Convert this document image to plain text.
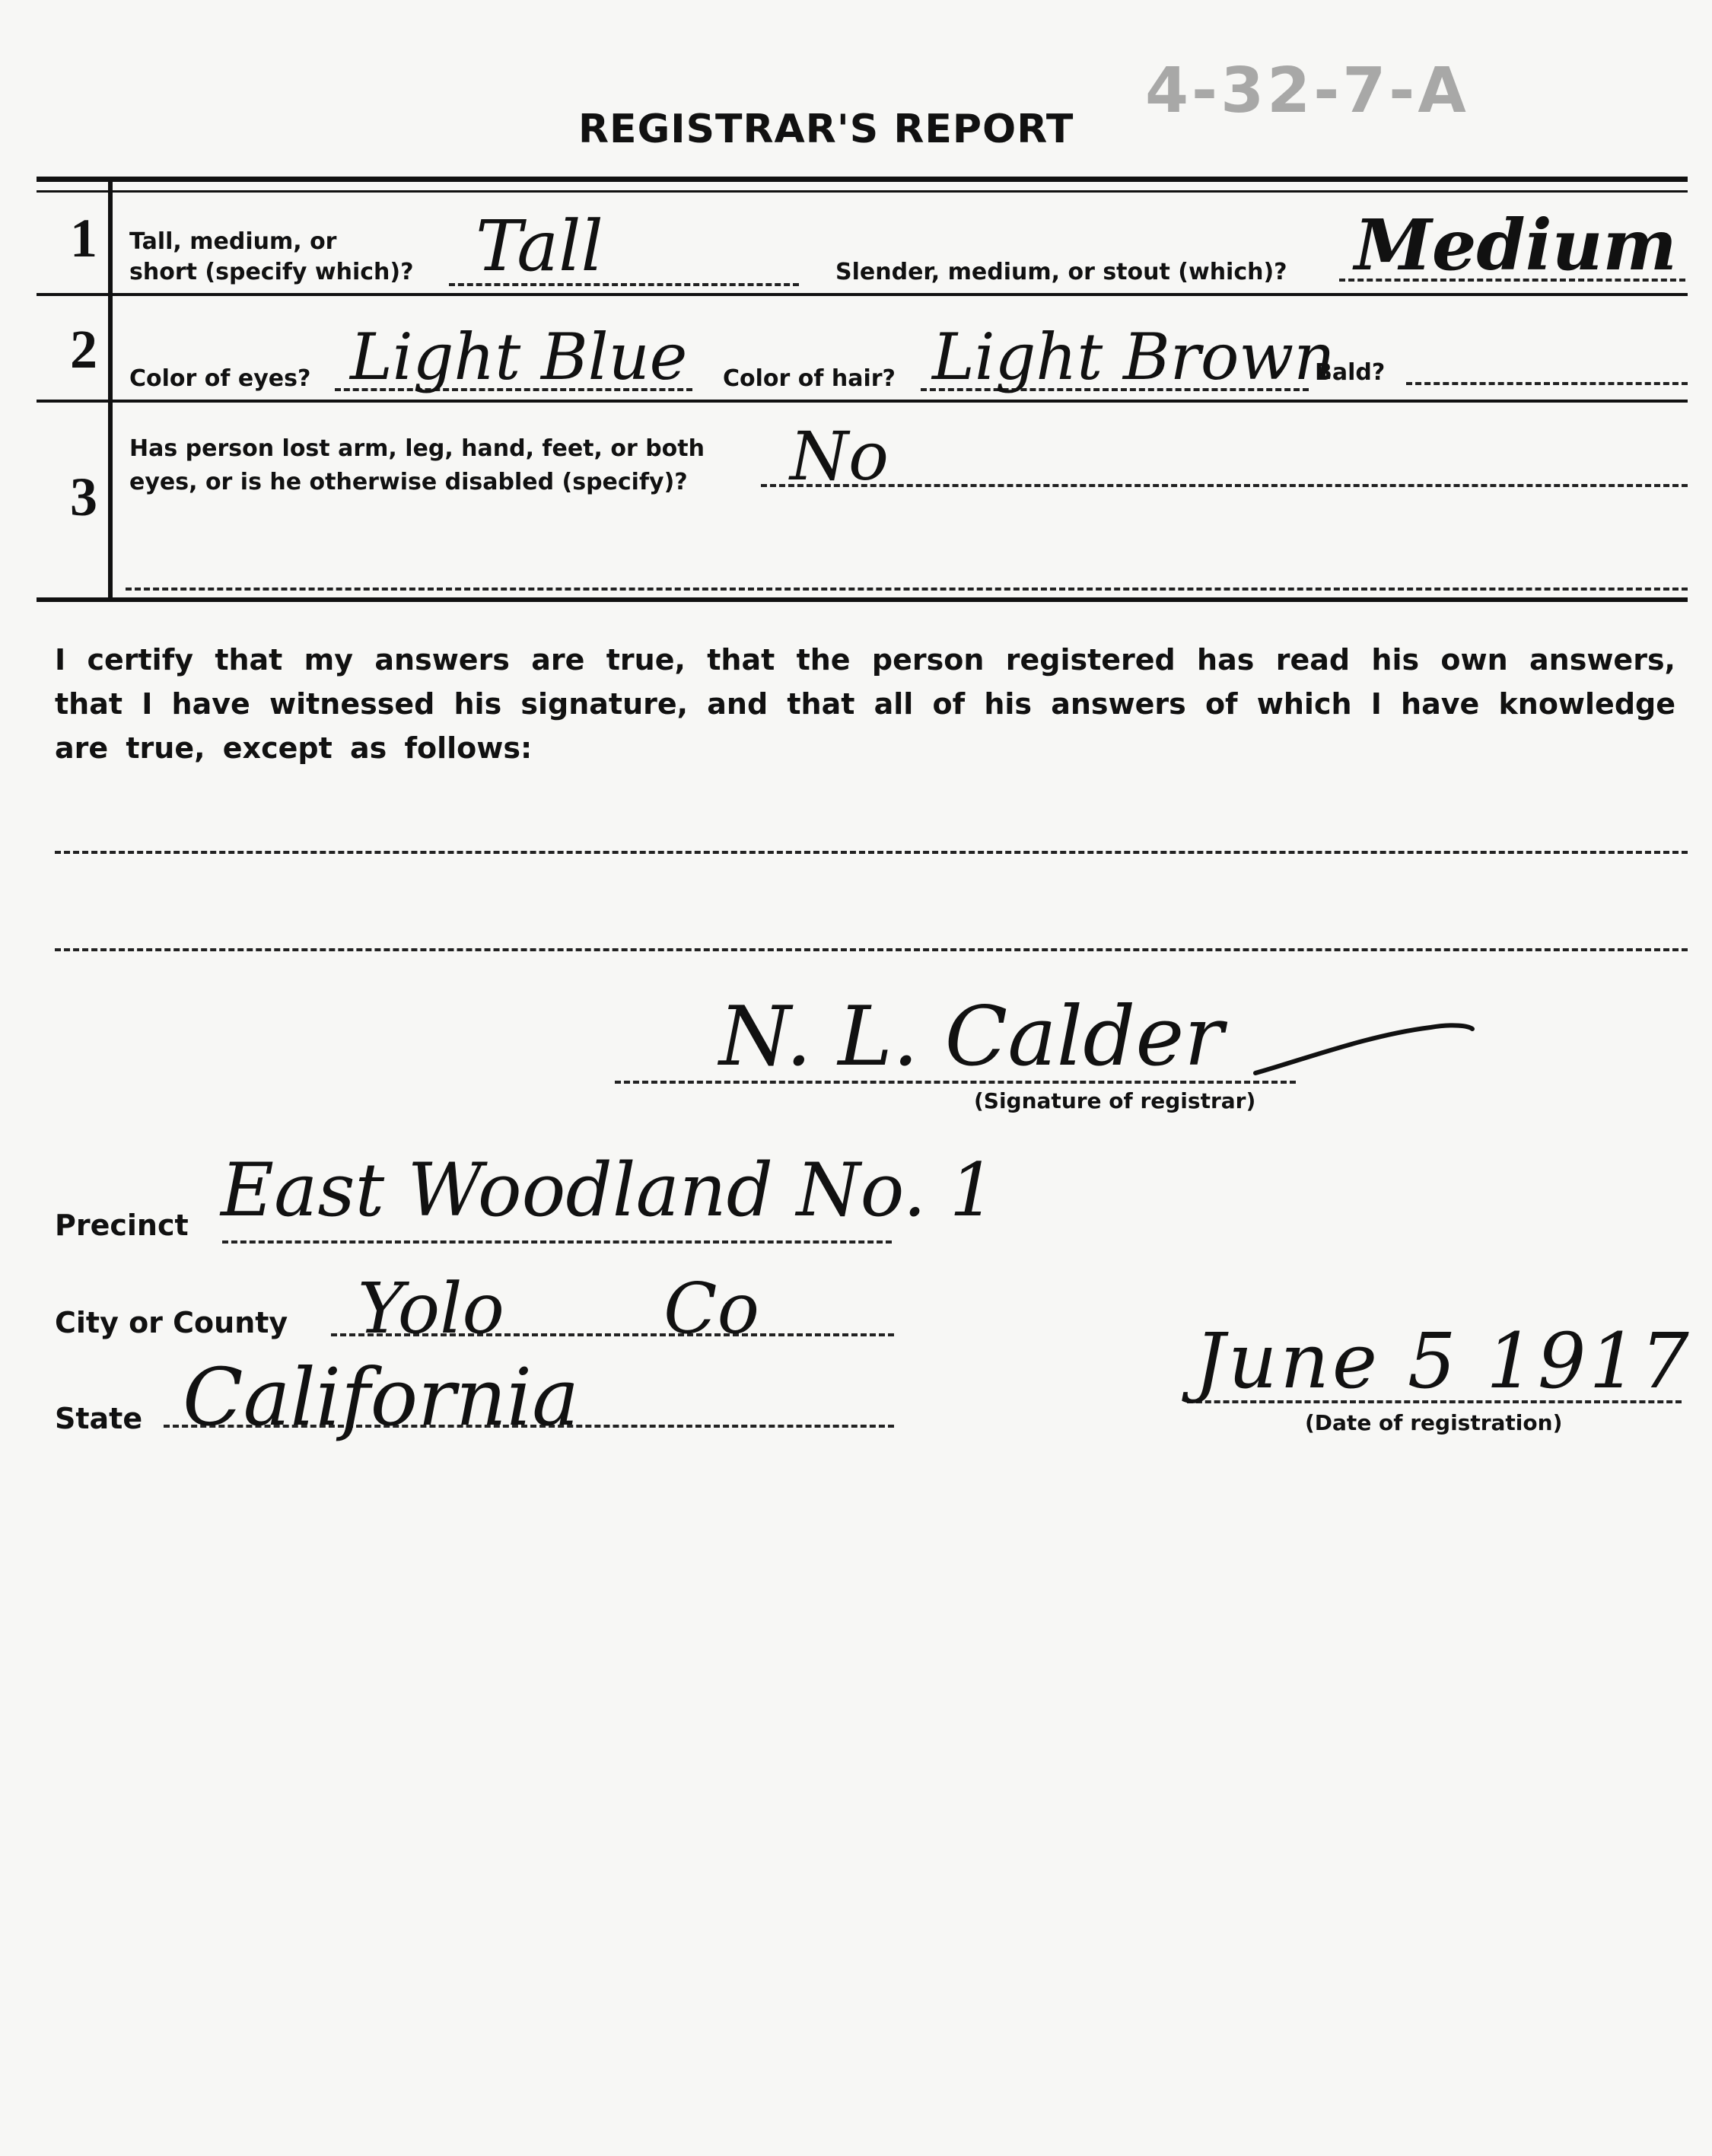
4-32-7-A
REGISTRAR'S REPORT
1 Tall, medium, or
short (specify which)? Tall	Slender, medium, or stout (which)? Medium
2 Color of eyes? Light Blue Color of hair? Light Brown
Bald?
3
Has person lost arm, leg, hand, feet, or both
eyes, or is he otherwise disabled (specify)? No
I certify that my answers are true, that the person registered has read his own answers, that I have witnessed his signature, and that all of his answers of which I have knowledge are true, except as follows:
N. L. Calder
(Signature of registrar)
Precinct East Woodland No. 1
City or County Yolo Co
State California	June 5 1917
(Date of registration)
